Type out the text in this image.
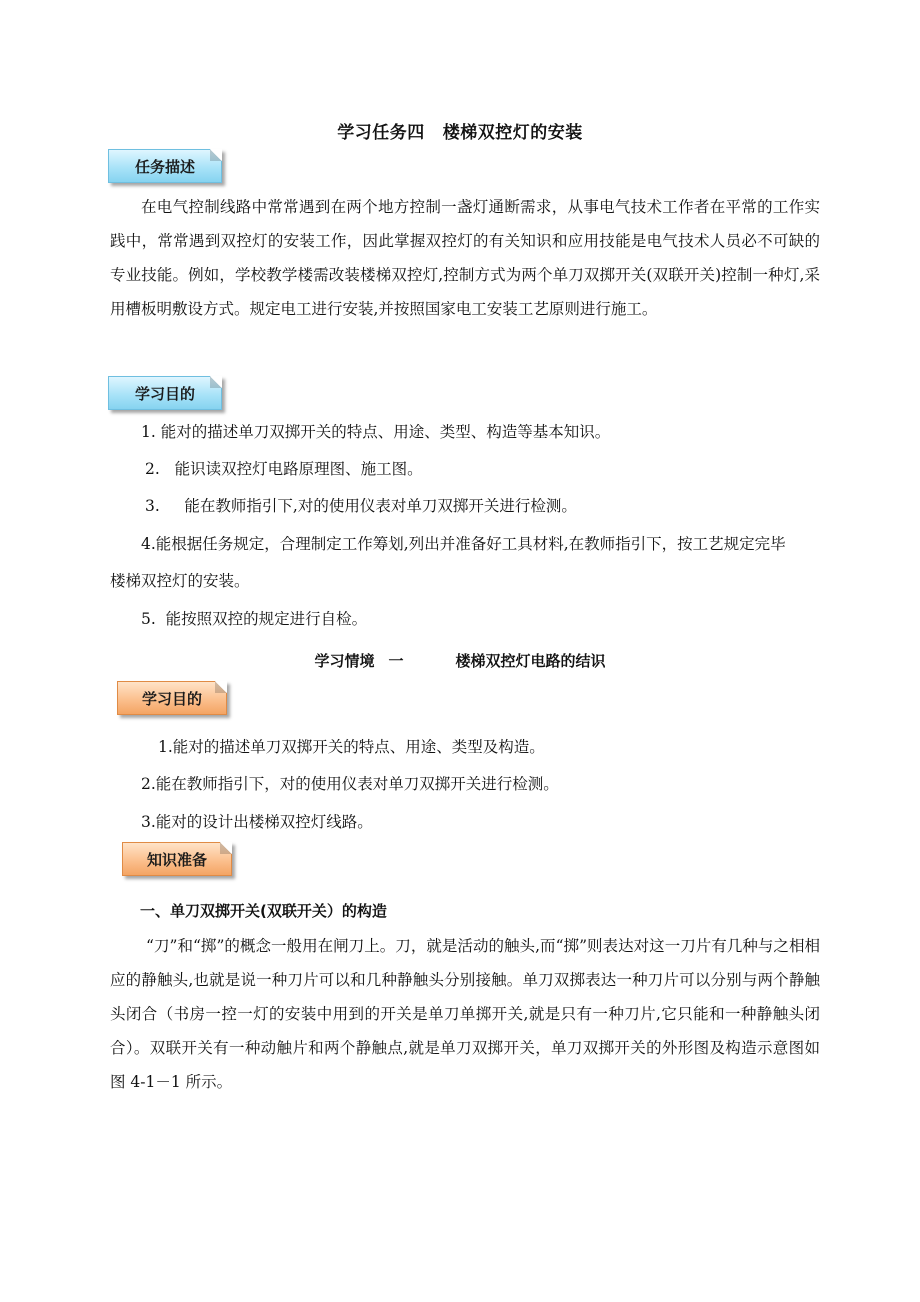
学习任务四 楼梯双控灯的安装
任务描述
在电气控制线路中常常遇到在两个地方控制一盏灯通断需求，从事电气技术工作者在平常的工作实践中，常常遇到双控灯的安装工作，因此掌握双控灯的有关知识和应用技能是电气技术人员必不可缺的专业技能。例如，学校教学楼需改装楼梯双控灯,控制方式为两个单刀双掷开关(双联开关)控制一种灯,采用槽板明敷设方式。规定电工进行安装,并按照国家电工安装工艺原则进行施工。
学习目的
1. 能对的描述单刀双掷开关的特点、用途、类型、构造等基本知识。
2.   能识读双控灯电路原理图、施工图。
3.     能在教师指引下,对的使用仪表对单刀双掷开关进行检测。
4.能根据任务规定，合理制定工作筹划,列出并准备好工具材料,在教师指引下，按工艺规定完毕
楼梯双控灯的安装。
5.  能按照双控的规定进行自检。
学习情境 一	楼梯双控灯电路的结识
学习目的
1.能对的描述单刀双掷开关的特点、用途、类型及构造。
2.能在教师指引下，对的使用仪表对单刀双掷开关进行检测。
3.能对的设计出楼梯双控灯线路。
知识准备
一、单刀双掷开关(双联开关）的构造
“刀”和“掷”的概念一般用在闸刀上。刀，就是活动的触头,而“掷”则表达对这一刀片有几种与之相相应的静触头,也就是说一种刀片可以和几种静触头分别接触。单刀双掷表达一种刀片可以分别与两个静触头闭合（书房一控一灯的安装中用到的开关是单刀单掷开关,就是只有一种刀片,它只能和一种静触头闭合）。双联开关有一种动触片和两个静触点,就是单刀双掷开关，单刀双掷开关的外形图及构造示意图如图 4-1－1 所示。
